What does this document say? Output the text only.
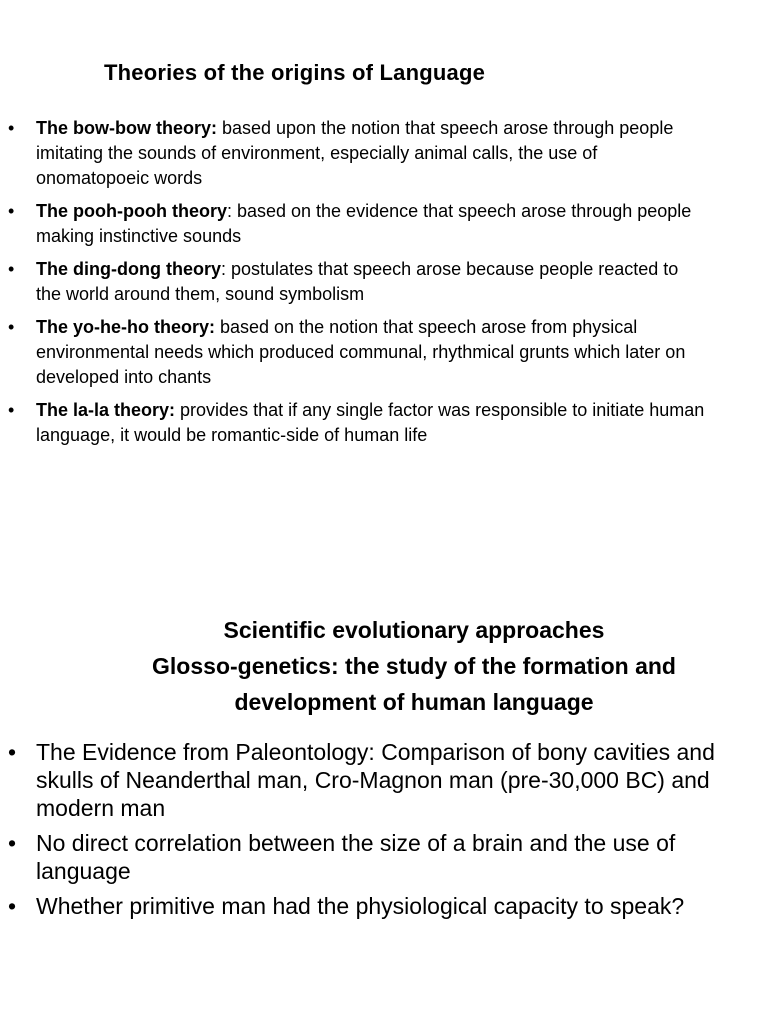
Theories of the origins of Language
• The bow-bow theory: based upon the notion that speech arose through people imitating the sounds of environment, especially animal calls, the use of onomatopoeic words
• The pooh-pooh theory: based on the evidence that speech arose through people making instinctive sounds
• The ding-dong theory: postulates that speech arose because people reacted to the world around them, sound symbolism
• The yo-he-ho theory: based on the notion that speech arose from physical environmental needs which produced communal, rhythmical grunts which later on developed into chants
• The la-la theory: provides that if any single factor was responsible to initiate human language, it would be romantic-side of human life
Scientific evolutionary approaches
Glosso-genetics: the study of the formation and
development of human language
• The Evidence from Paleontology: Comparison of bony cavities and skulls of Neanderthal man, Cro-Magnon man (pre-30,000 BC) and modern man
• No direct correlation between the size of a brain and the use of language
• Whether primitive man had the physiological capacity to speak?
